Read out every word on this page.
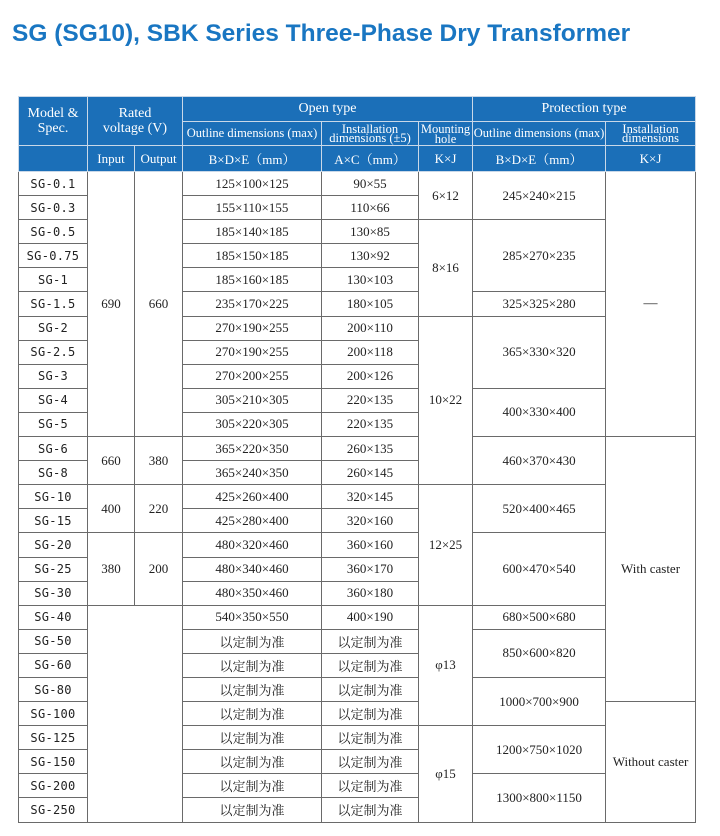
SG (SG10), SBK Series Three-Phase Dry Transformer
Model & Spec.	Rated voltage (V)		Open type			Protection type	
			Outline dimensions (max)	Installation dimensions (±5)	Mounting hole	Outline dimensions (max)	Installation dimensions
	Input	Output	B×D×E（mm）	A×C（mm）	K×J	B×D×E（mm）	K×J
SG-0.1	690	660	125×100×125	90×55	6×12	245×240×215	—
SG-0.3			155×110×155	110×66			
SG-0.5			185×140×185	130×85	8×16	285×270×235	
SG-0.75			185×150×185	130×92			
SG-1			185×160×185	130×103			
SG-1.5			235×170×225	180×105		325×325×280	
SG-2			270×190×255	200×110	10×22	365×330×320	
SG-2.5			270×190×255	200×118			
SG-3			270×200×255	200×126			
SG-4			305×210×305	220×135		400×330×400	
SG-5			305×220×305	220×135			
SG-6	660	380	365×220×350	260×135		460×370×430	With caster
SG-8			365×240×350	260×145			
SG-10	400	220	425×260×400	320×145	12×25	520×400×465	
SG-15			425×280×400	320×160			
SG-20	380	200	480×320×460	360×160		600×470×540	
SG-25			480×340×460	360×170			
SG-30			480×350×460	360×180			
SG-40			540×350×550	400×190	φ13	680×500×680	
SG-50			以定制为准	以定制为准		850×600×820	
SG-60			以定制为准	以定制为准			
SG-80			以定制为准	以定制为准		1000×700×900	
SG-100			以定制为准	以定制为准			Without caster
SG-125			以定制为准	以定制为准	φ15	1200×750×1020	
SG-150			以定制为准	以定制为准			
SG-200			以定制为准	以定制为准		1300×800×1150	
SG-250			以定制为准	以定制为准			
